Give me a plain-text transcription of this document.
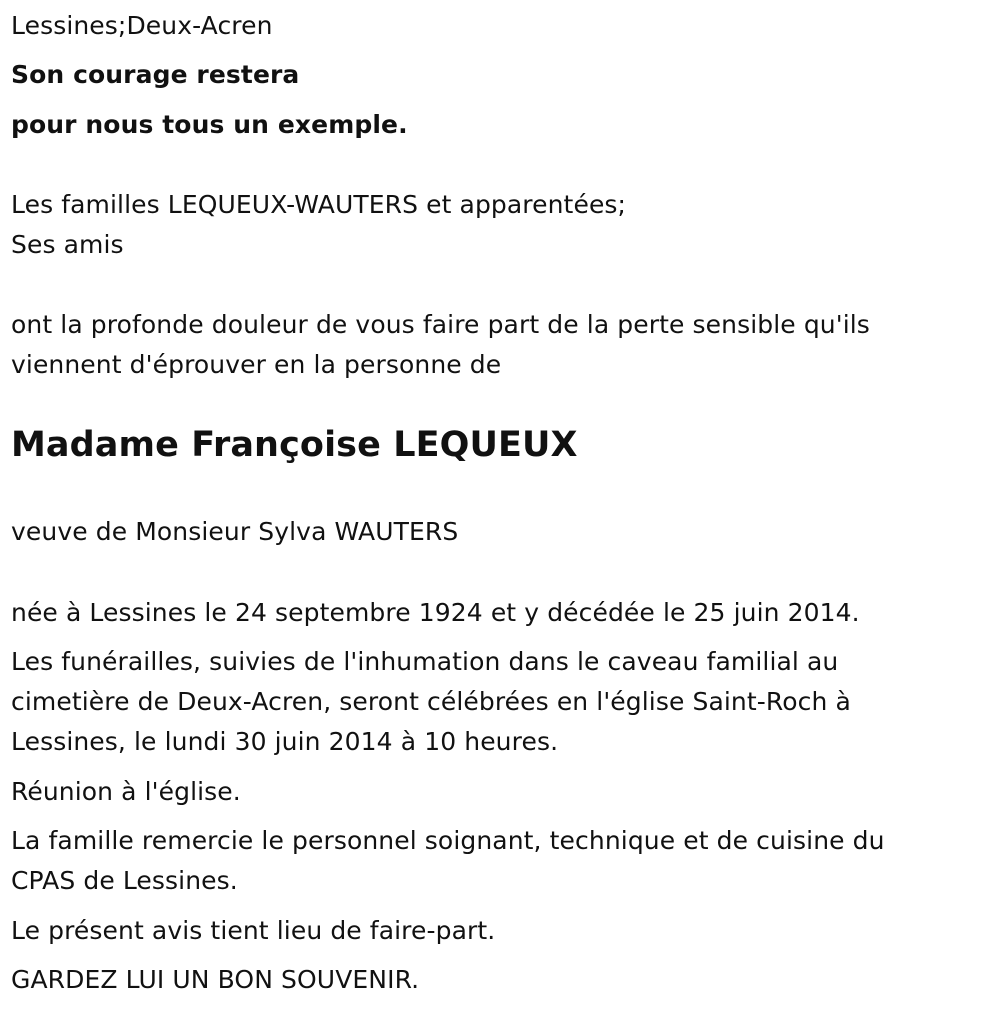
Lessines;Deux-Acren
Son courage restera
pour nous tous un exemple.
Les familles LEQUEUX-WAUTERS et apparentées;
Ses amis
ont la profonde douleur de vous faire part de la perte sensible qu'ils
viennent d'éprouver en la personne de
Madame Françoise LEQUEUX
veuve de Monsieur Sylva WAUTERS
née à Lessines le 24 septembre 1924 et y décédée le 25 juin 2014.
Les funérailles, suivies de l'inhumation dans le caveau familial au
cimetière de Deux-Acren, seront célébrées en l'église Saint-Roch à
Lessines, le lundi 30 juin 2014 à 10 heures.
Réunion à l'église.
La famille remercie le personnel soignant, technique et de cuisine du
CPAS de Lessines.
Le présent avis tient lieu de faire-part.
GARDEZ LUI UN BON SOUVENIR.
